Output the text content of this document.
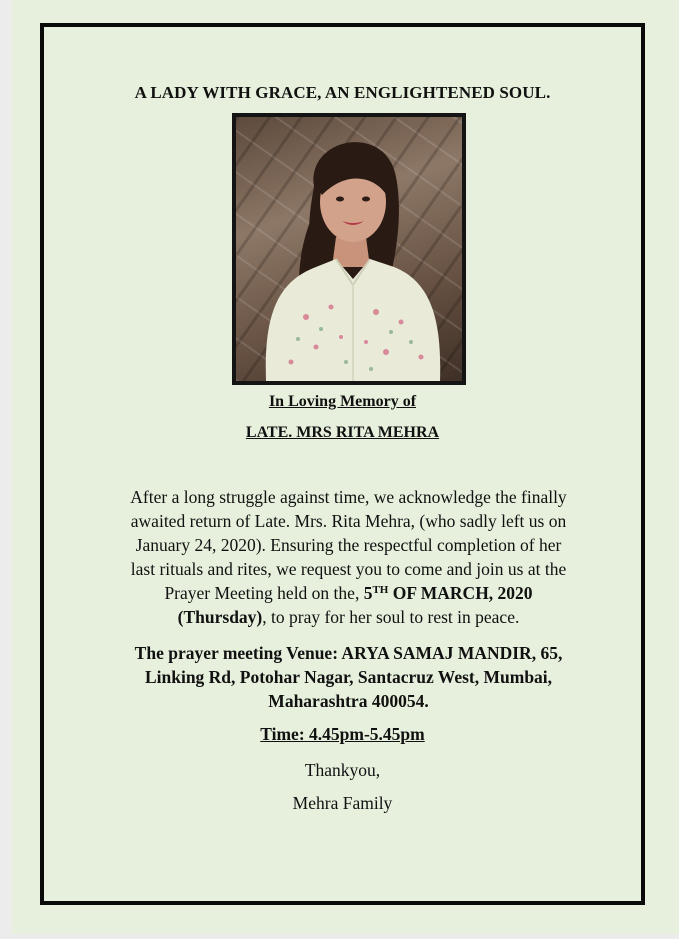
A LADY WITH GRACE, AN ENGLIGHTENED SOUL.
In Loving Memory of
LATE. MRS RITA MEHRA
After a long struggle against time, we acknowledge the finally
awaited return of Late. Mrs. Rita Mehra, (who sadly left us on
January 24, 2020). Ensuring the respectful completion of her
last rituals and rites, we request you to come and join us at the
Prayer Meeting held on the, 5TH OF MARCH, 2020
(Thursday), to pray for her soul to rest in peace.
The prayer meeting Venue: ARYA SAMAJ MANDIR, 65,
Linking Rd, Potohar Nagar, Santacruz West, Mumbai,
Maharashtra 400054.
Time: 4.45pm-5.45pm
Thankyou,
Mehra Family
